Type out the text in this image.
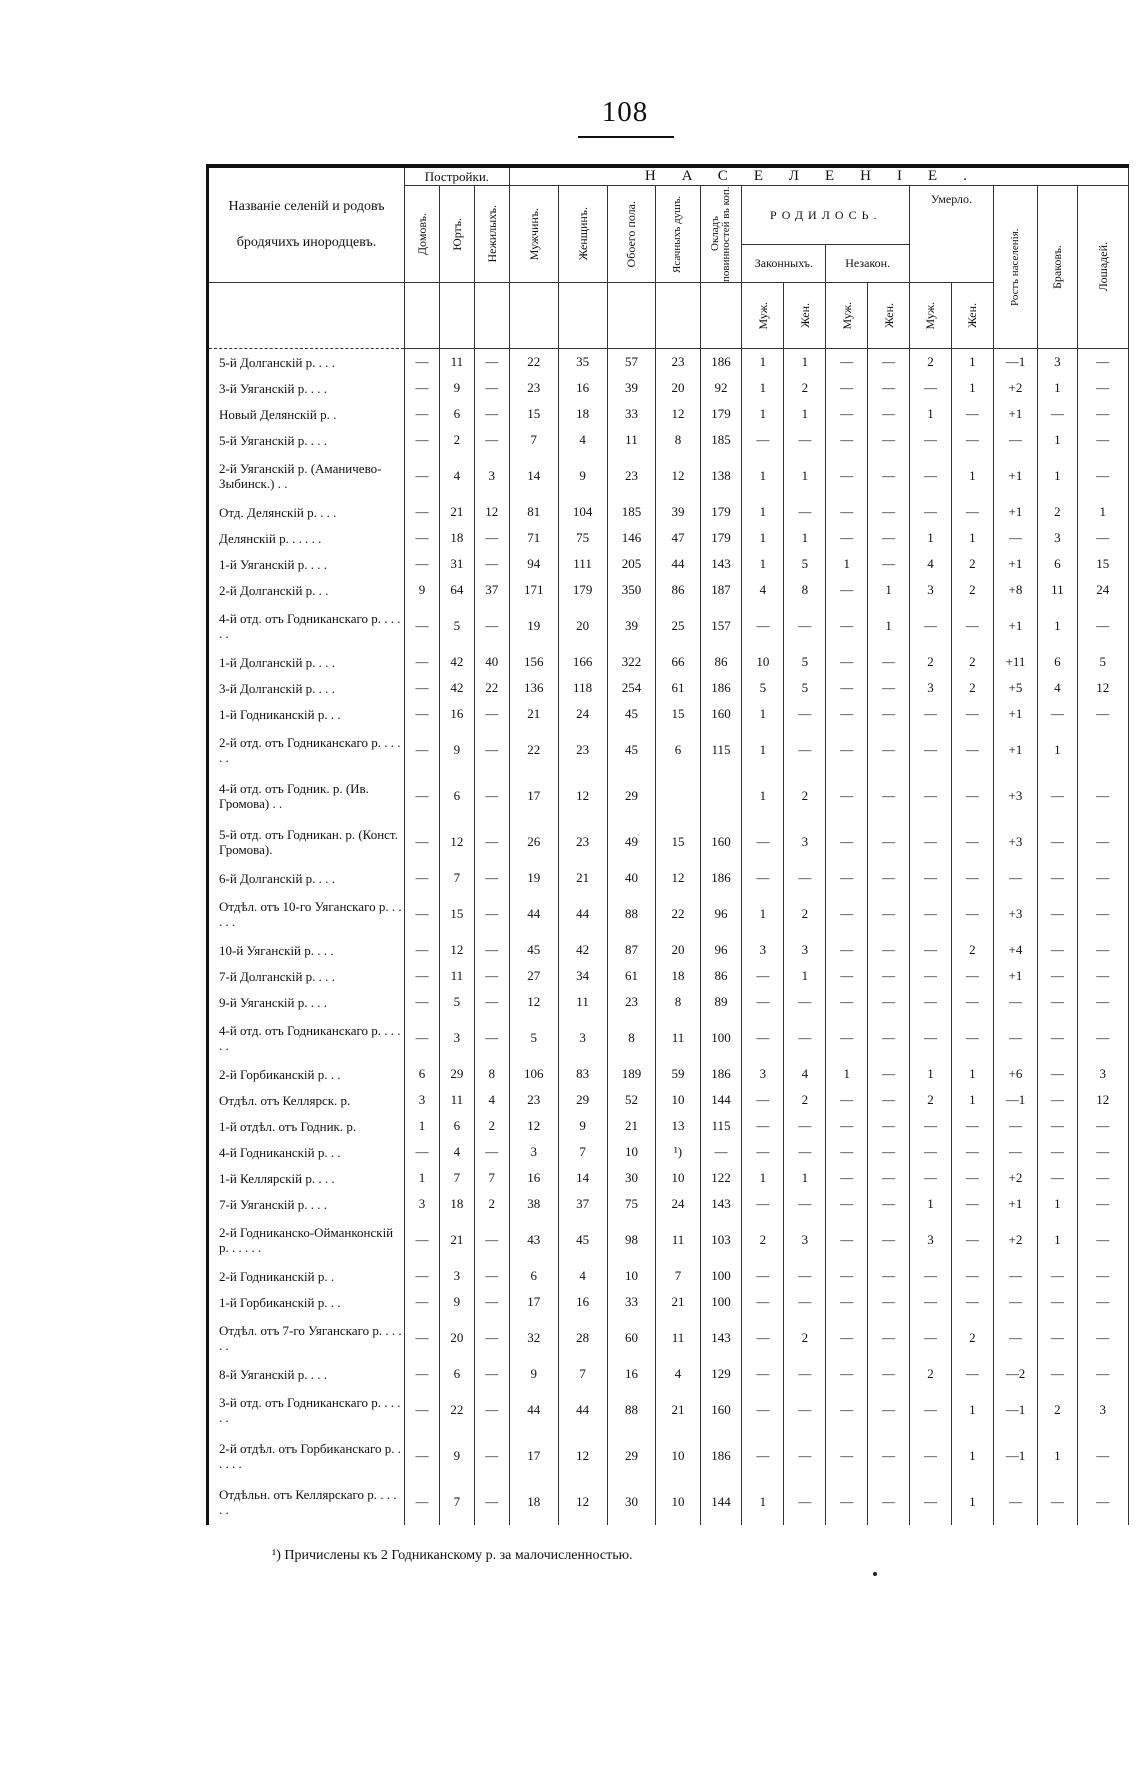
108
Названіе селеній и родовъ бродячихъ инородцевъ.	Постройки.			НАСЕЛЕНІЕ.													

	Домовъ.	Юртъ.	Нежилыхъ.	Мужчинъ.	Женщинъ.	Обоего пола.	Ясачныхъ душъ.	Окладъ повинностей въ коп.	РОДИЛОСЬ.				Умерло.		Ростъ населенія.	Браковъ.	Лошадей.

									Законныхъ.		Незакон.						

									Муж.	Жен.	Муж.	Жен.	Муж.	Жен.			

5-й Долганскій р. . . .	—	11	—	22	35	57	23	186	1	1	—	—	2	1	—1	3	—
3-й Уяганскій р. . . .	—	9	—	23	16	39	20	92	1	2	—	—	—	1	+2	1	—
Новый Делянскій р. .	—	6	—	15	18	33	12	179	1	1	—	—	1	—	+1	—	—
5-й Уяганскій р. . . .	—	2	—	7	4	11	8	185	—	—	—	—	—	—	—	1	—
2-й Уяганскій р. (Аманичево-Зыбинск.) . .	—	4	3	14	9	23	12	138	1	1	—	—	—	1	+1	1	—
Отд. Делянскій р. . . .	—	21	12	81	104	185	39	179	1	—	—	—	—	—	+1	2	1
Делянскій р. . . . . .	—	18	—	71	75	146	47	179	1	1	—	—	1	1	—	3	—
1-й Уяганскій р. . . .	—	31	—	94	111	205	44	143	1	5	1	—	4	2	+1	6	15
2-й Долганскій р. . .	9	64	37	171	179	350	86	187	4	8	—	1	3	2	+8	11	24
4-й отд. отъ Годниканскаго р. . . . . .	—	5	—	19	20	39	25	157	—	—	—	1	—	—	+1	1	—
1-й Долганскій р. . . .	—	42	40	156	166	322	66	86	10	5	—	—	2	2	+11	6	5
3-й Долганскій р. . . .	—	42	22	136	118	254	61	186	5	5	—	—	3	2	+5	4	12
1-й Годниканскій р. . .	—	16	—	21	24	45	15	160	1	—	—	—	—	—	+1	—	—
2-й отд. отъ Годниканскаго р. . . . . .	—	9	—	22	23	45	6	115	1	—	—	—	—	—	+1	1	
4-й отд. отъ Годник. р. (Ив. Громова) . .	—	6	—	17	12	29			1	2	—	—	—	—	+3	—	—
5-й отд. отъ Годникан. р. (Конст. Громова).	—	12	—	26	23	49	15	160	—	3	—	—	—	—	+3	—	—
6-й Долганскій р. . . .	—	7	—	19	21	40	12	186	—	—	—	—	—	—	—	—	—
Отдѣл. отъ 10-го Уяганскаго р. . . . . .	—	15	—	44	44	88	22	96	1	2	—	—	—	—	+3	—	—
10-й Уяганскій р. . . .	—	12	—	45	42	87	20	96	3	3	—	—	—	2	+4	—	—
7-й Долганскій р. . . .	—	11	—	27	34	61	18	86	—	1	—	—	—	—	+1	—	—
9-й Уяганскій р. . . .	—	5	—	12	11	23	8	89	—	—	—	—	—	—	—	—	—
4-й отд. отъ Годниканскаго р. . . . . .	—	3	—	5	3	8	11	100	—	—	—	—	—	—	—	—	—
2-й Горбиканскій р. . .	6	29	8	106	83	189	59	186	3	4	1	—	1	1	+6	—	3
Отдѣл. отъ Келлярск. р.	3	11	4	23	29	52	10	144	—	2	—	—	2	1	—1	—	12
1-й отдѣл. отъ Годник. р.	1	6	2	12	9	21	13	115	—	—	—	—	—	—	—	—	—
4-й Годниканскій р. . .	—	4	—	3	7	10	¹)	—	—	—	—	—	—	—	—	—	—
1-й Келлярскій р. . . .	1	7	7	16	14	30	10	122	1	1	—	—	—	—	+2	—	—
7-й Уяганскій р. . . .	3	18	2	38	37	75	24	143	—	—	—	—	1	—	+1	1	—
2-й Годниканско-Ойманконскій р. . . . . .	—	21	—	43	45	98	11	103	2	3	—	—	3	—	+2	1	—
2-й Годниканскій р. .	—	3	—	6	4	10	7	100	—	—	—	—	—	—	—	—	—
1-й Горбиканскій р. . .	—	9	—	17	16	33	21	100	—	—	—	—	—	—	—	—	—
Отдѣл. отъ 7-го Уяганскаго р. . . . . .	—	20	—	32	28	60	11	143	—	2	—	—	—	2	—	—	—
8-й Уяганскій р. . . .	—	6	—	9	7	16	4	129	—	—	—	—	2	—	—2	—	—
3-й отд. отъ Годниканскаго р. . . . . .	—	22	—	44	44	88	21	160	—	—	—	—	—	1	—1	2	3
2-й отдѣл. отъ Горбиканскаго р. . . . . .	—	9	—	17	12	29	10	186	—	—	—	—	—	1	—1	1	—
Отдѣльн. отъ Келлярскаго р. . . . . .	—	7	—	18	12	30	10	144	1	—	—	—	—	1	—	—	—
¹) Причислены къ 2 Годниканскому р. за малочисленностью.
